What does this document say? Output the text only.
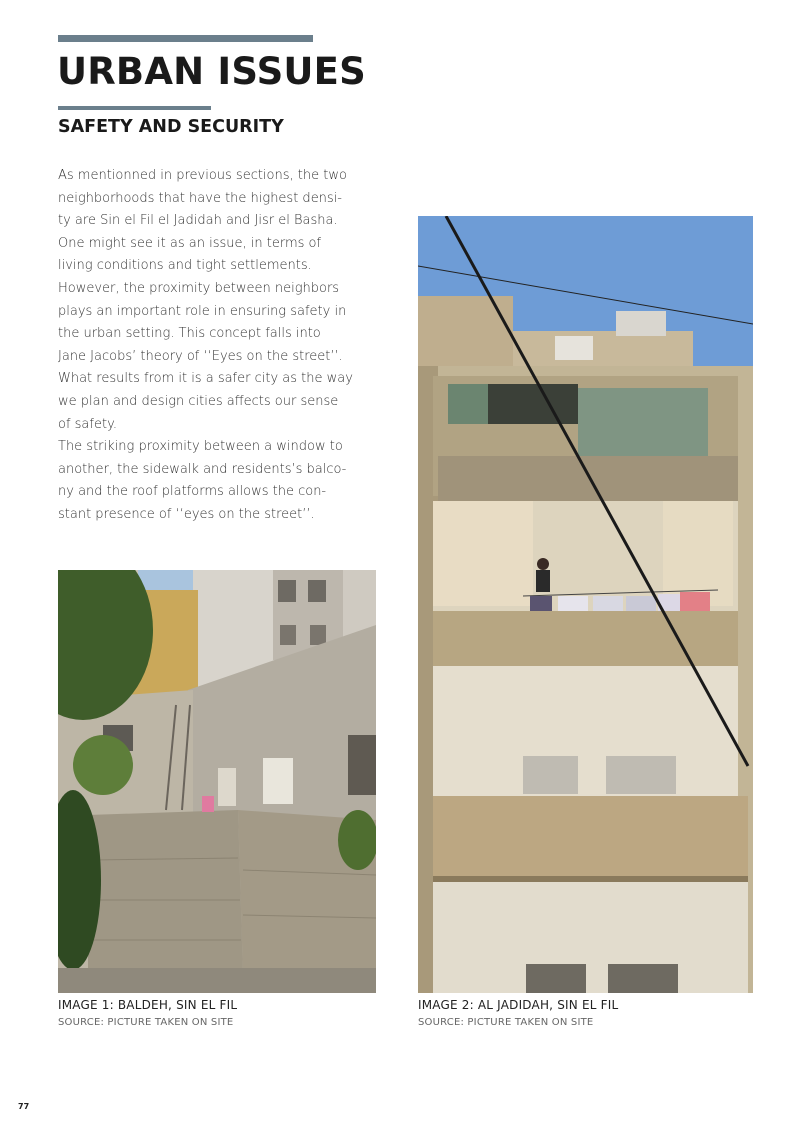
URBAN ISSUES
SAFETY AND SECURITY
As mentionned in previous sections, the two
neighborhoods that have the highest densi-
ty are Sin el Fil el Jadidah and Jisr el Basha.
One might see it as an issue, in terms of
living conditions and tight settlements.
However, the proximity between neighbors
plays an important role in ensuring safety in
the urban setting. This concept falls into
Jane Jacobs’ theory of ‘‘Eyes on the street’’.
What results from it is a safer city as the way
we plan and design cities affects our sense
of safety.
The striking proximity between a window to
another, the sidewalk and residents’s balco-
ny and the roof platforms allows the con-
stant presence of ‘‘eyes on the street’’.

IMAGE 1: BALDEH, SIN EL FIL

SOURCE: PICTURE TAKEN ON SITE

IMAGE 2: AL JADIDAH, SIN EL FIL

SOURCE: PICTURE TAKEN ON SITE

77
